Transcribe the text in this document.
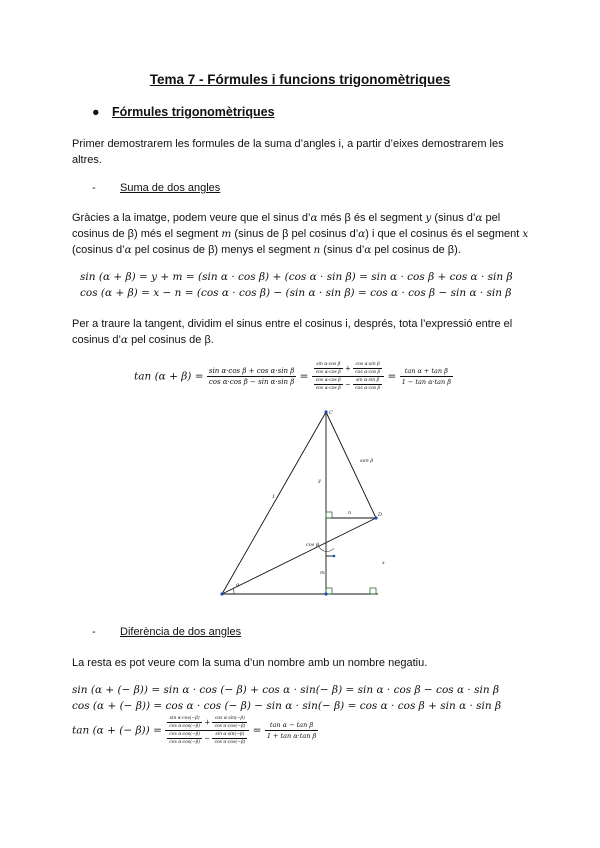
Tema 7 - Fórmules i funcions trigonomètriques
● Fórmules trigonomètriques
Primer demostrarem les formules de la suma d’angles i, a partir d’eixes demostrarem les altres.
- Suma de dos angles
Gràcies a la imatge, podem veure que el sinus d’α més β és el segment y (sinus d’α pel cosinus de β) més el segment m (sinus de β pel cosinus d’α) i que el cosinus és el segment x (cosinus d’α pel cosinus de β) menys el segment n (sinus d’α pel cosinus de β).
sin (α + β) = y + m = (sin α · cos β) + (cos α · sin β) = sin α · cos β + cos α · sin β
cos (α + β) = x − n = (cos α · cos β) − (sin α · sin β) = cos α · cos β − sin α · sin β
Per a traure la tangent, dividim el sinus entre el cosinus i, després, tota l’expressió entre el cosinus d’α pel cosinus de β.
$\tan (\alpha + \beta) = \frac{\text{sin α·cos β + cos α·sin β}}{\text{cos α·cos β − sin α·sin β}} = \frac{\frac{\text{sin α·cos β}}{\text{cos α·cos β}} + \frac{\text{cos α·sin β}}{\text{cos α·cos β}}}{\frac{\text{cos α·cos β}}{\text{cos α·cos β}} - \frac{\text{sin α·sin β}}{\text{cos α·cos β}}} = \frac{\text{tan α + tan β}}{\text{1 − tan α·tan β}}$
1
sen β
y
m
n
x
α
cos β
C
D
- Diferència de dos angles
La resta es pot veure com la suma d’un nombre amb un nombre negatiu.
sin (α + (− β)) = sin α · cos (− β) + cos α · sin(− β) = sin α · cos β − cos α · sin β
cos (α + (− β)) = cos α · cos (− β) − sin α · sin(− β) = cos α · cos β + sin α · sin β
tan (α + (− $\beta)) = \frac{\frac{\text{sin α·cos(−β)}}{\text{cos α·cos(−β)}} + \frac{\text{cos α·sin(−β)}}{\text{cos α·cos(−β)}}}{\frac{\text{cos α·cos(−β)}}{\text{cos α·cos(−β)}} - \frac{\text{sin α·sin(−β)}}{\text{cos α·cos(−β)}}} = \frac{\text{tan α − tan β}}{\text{1 + tan α·tan β}}$
